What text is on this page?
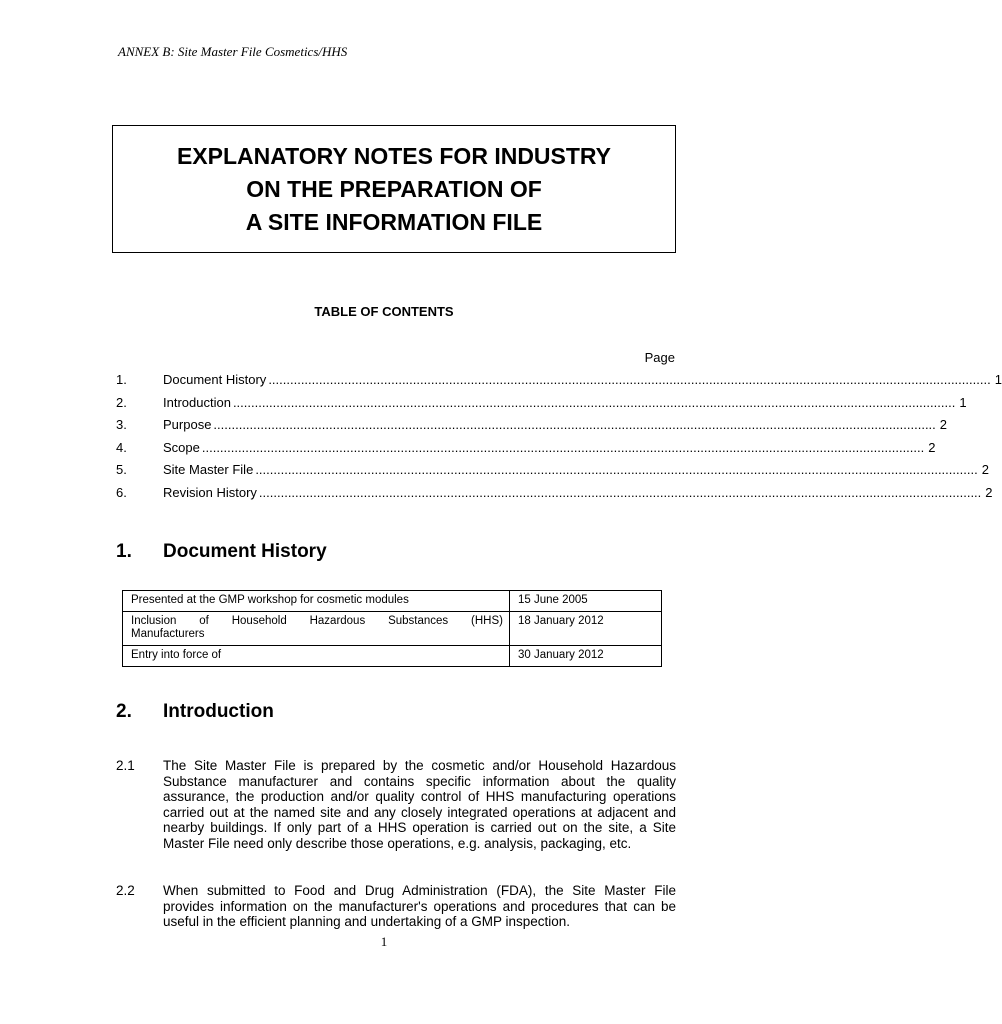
ANNEX B: Site Master File Cosmetics/HHS
EXPLANATORY NOTES FOR INDUSTRY
ON THE PREPARATION OF
A SITE INFORMATION FILE
TABLE OF CONTENTS
Page
1.	Document History ........................................................................................................................................................................................................ 1
2.	Introduction ........................................................................................................................................................................................................ 1
3.	Purpose ........................................................................................................................................................................................................ 2
4.	Scope ........................................................................................................................................................................................................ 2
5.	Site Master File ........................................................................................................................................................................................................ 2
6.	Revision History ........................................................................................................................................................................................................ 2
1. Document History
Presented at the GMP workshop for cosmetic modules	15 June 2005

Inclusion of Household Hazardous Substances (HHS)
Manufacturers	18 January 2012
Entry into force of	30 January 2012
2. Introduction
2.1	The Site Master File is prepared by the cosmetic and/or Household Hazardous Substance manufacturer and contains specific information about the quality assurance, the production and/or quality control of HHS manufacturing operations carried out at the named site and any closely integrated operations at adjacent and nearby buildings. If only part of a HHS operation is carried out on the site, a Site Master File need only describe those operations, e.g. analysis, packaging, etc.
2.2	When submitted to Food and Drug Administration (FDA), the Site Master File provides information on the manufacturer's operations and procedures that can be useful in the efficient planning and undertaking of a GMP inspection.
1
